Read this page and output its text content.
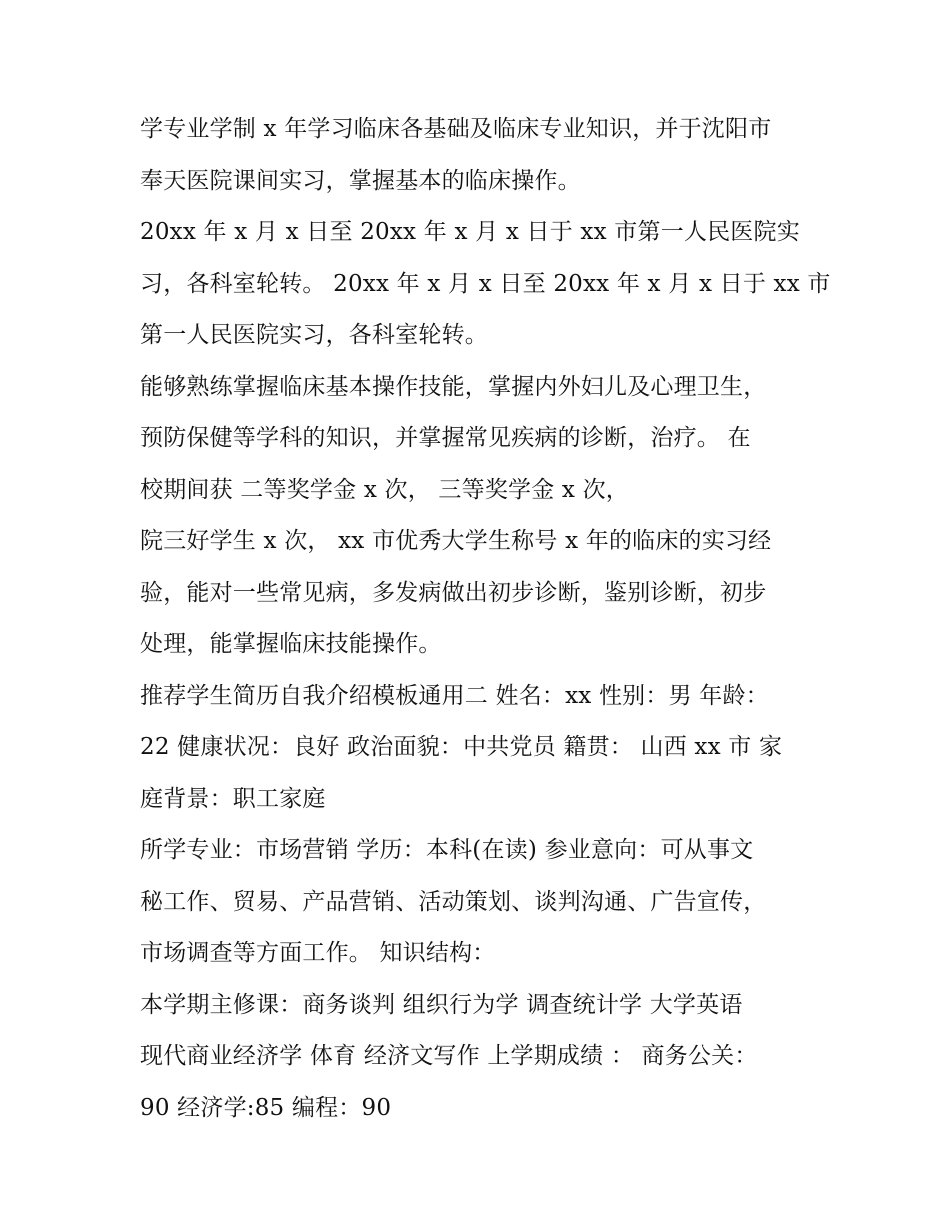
学专业学制 x 年学习临床各基础及临床专业知识，并于沈阳市
奉天医院课间实习，掌握基本的临床操作。
20xx 年 x 月 x 日至 20xx 年 x 月 x 日于 xx 市第一人民医院实
习，各科室轮转。 20xx 年 x 月 x 日至 20xx 年 x 月 x 日于 xx 市
第一人民医院实习，各科室轮转。
能够熟练掌握临床基本操作技能，掌握内外妇儿及心理卫生，
预防保健等学科的知识，并掌握常见疾病的诊断，治疗。 在
校期间获 二等奖学金 x 次， 三等奖学金 x 次，
院三好学生 x 次， xx 市优秀大学生称号 x 年的临床的实习经
验，能对一些常见病，多发病做出初步诊断，鉴别诊断，初步
处理，能掌握临床技能操作。
推荐学生简历自我介绍模板通用二 姓名：xx 性别：男 年龄：
22 健康状况：良好 政治面貌：中共党员 籍贯： 山西 xx 市 家
庭背景：职工家庭
所学专业：市场营销 学历：本科(在读) 参业意向：可从事文
秘工作、贸易、产品营销、活动策划、谈判沟通、广告宣传，
市场调查等方面工作。 知识结构：
本学期主修课：商务谈判 组织行为学 调查统计学 大学英语
现代商业经济学 体育 经济文写作 上学期成绩 ： 商务公关：
90 经济学:85 编程：90
